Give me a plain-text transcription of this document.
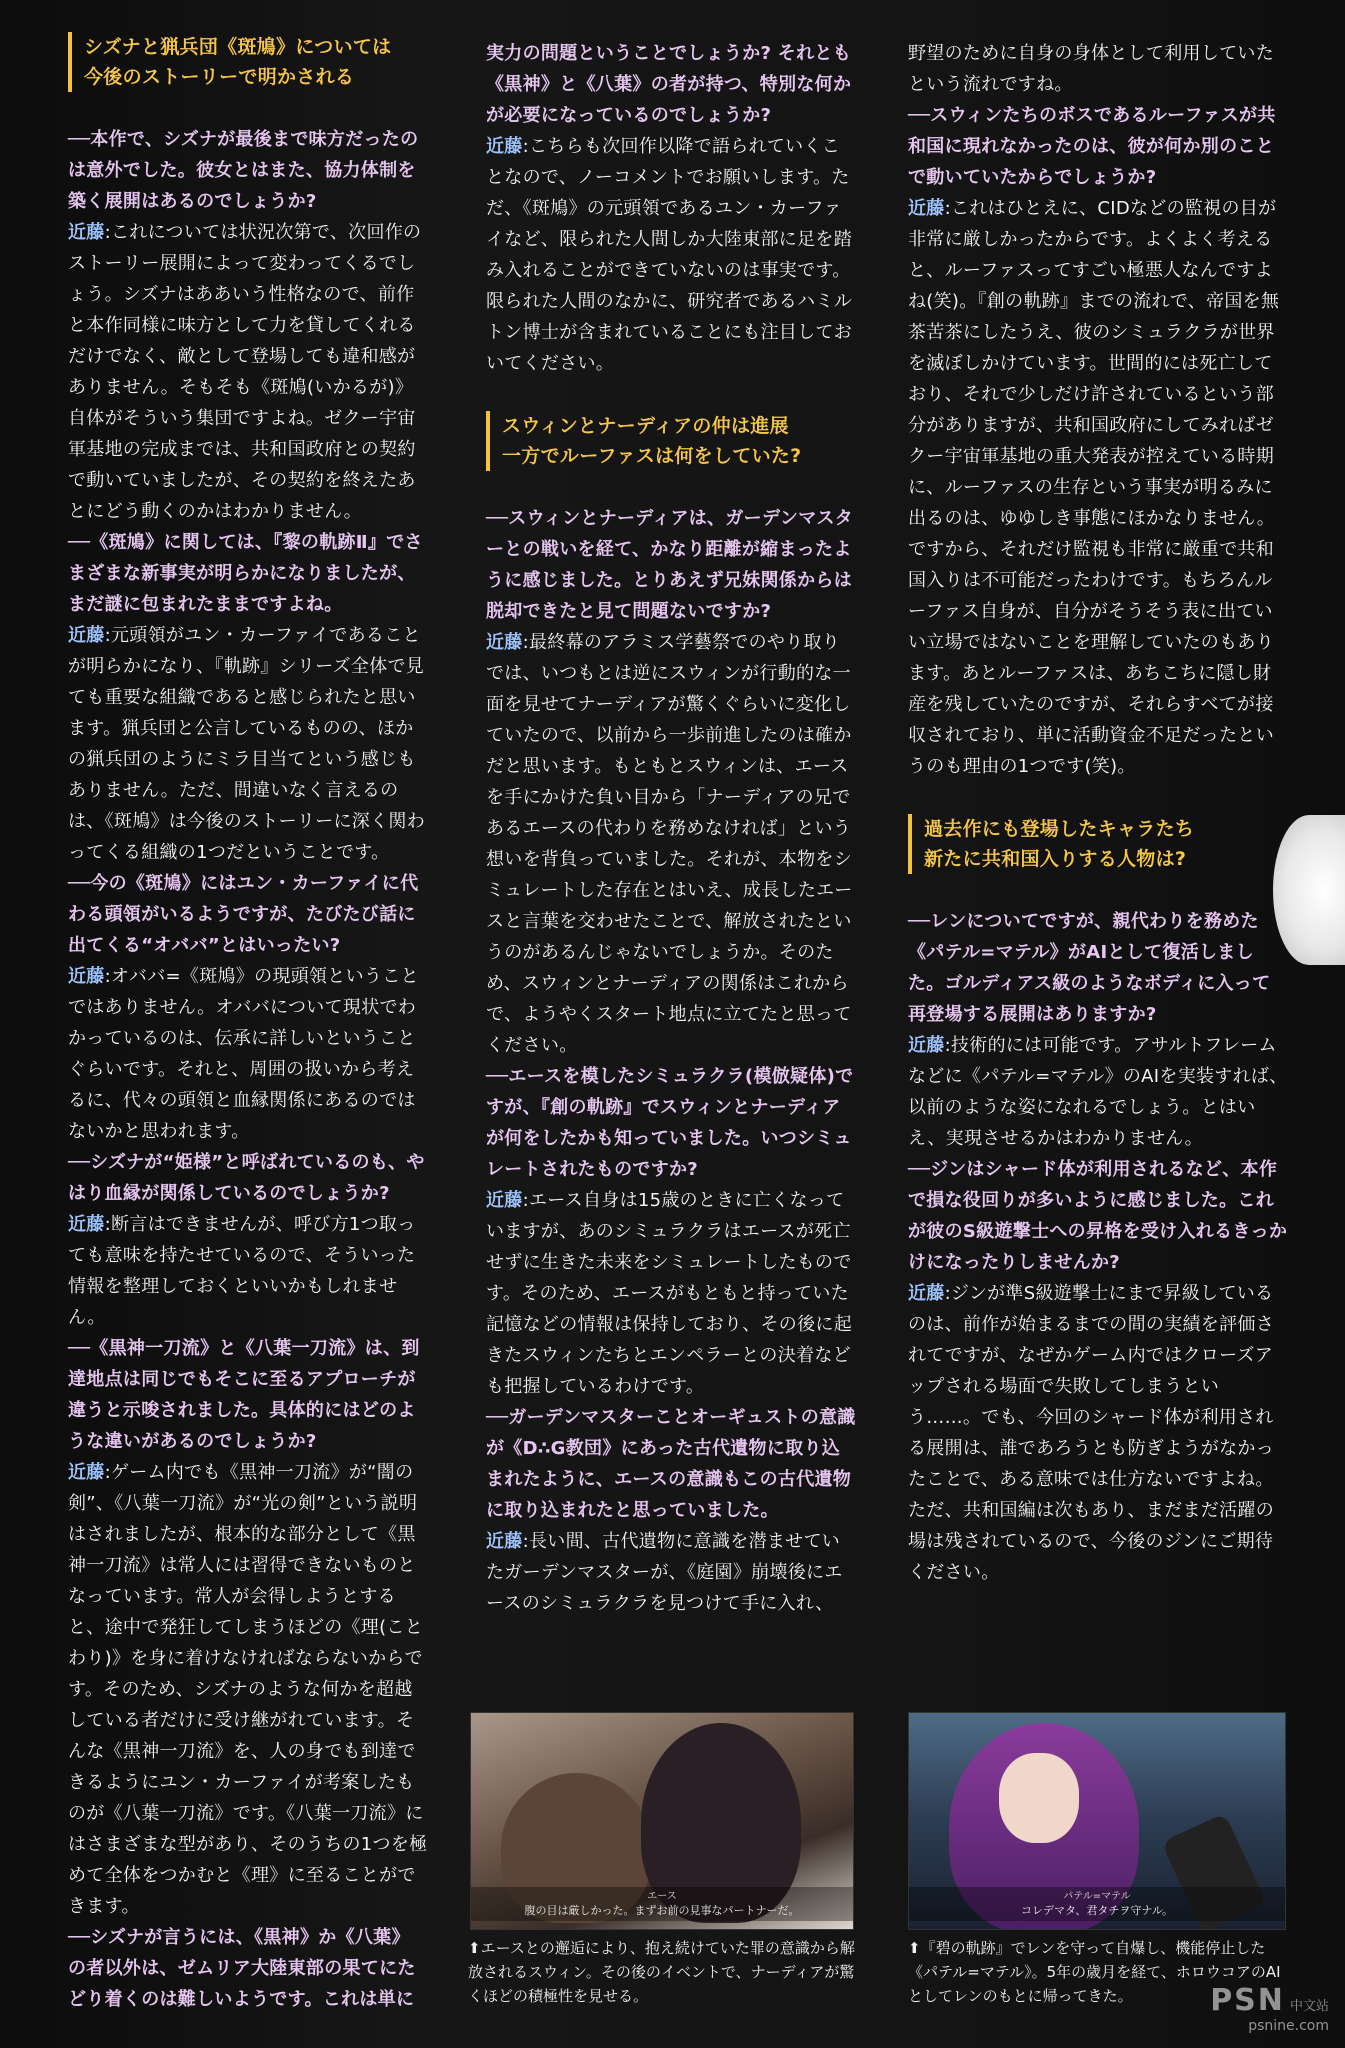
シズナと猟兵団《斑鳩》については
今後のストーリーで明かされる

──本作で、シズナが最後まで味方だったのは意外でした。彼女とはまた、協力体制を築く展開はあるのでしょうか?

近藤:これについては状況次第で、次回作のストーリー展開によって変わってくるでしょう。シズナはああいう性格なので、前作と本作同様に味方として力を貸してくれるだけでなく、敵として登場しても違和感がありません。そもそも《斑鳩(いかるが)》自体がそういう集団ですよね。ゼクー宇宙軍基地の完成までは、共和国政府との契約で動いていましたが、その契約を終えたあとにどう動くのかはわかりません。

──《斑鳩》に関しては、『黎の軌跡Ⅱ』でさまざまな新事実が明らかになりましたが、まだ謎に包まれたままですよね。

近藤:元頭領がユン・カーファイであることが明らかになり、『軌跡』シリーズ全体で見ても重要な組織であると感じられたと思います。猟兵団と公言しているものの、ほかの猟兵団のようにミラ目当てという感じもありません。ただ、間違いなく言えるのは、《斑鳩》は今後のストーリーに深く関わってくる組織の1つだということです。

──今の《斑鳩》にはユン・カーファイに代わる頭領がいるようですが、たびたび話に出てくる“オババ”とはいったい?

近藤:オババ=《斑鳩》の現頭領ということではありません。オババについて現状でわかっているのは、伝承に詳しいということぐらいです。それと、周囲の扱いから考えるに、代々の頭領と血縁関係にあるのではないかと思われます。

──シズナが“姫様”と呼ばれているのも、やはり血縁が関係しているのでしょうか?

近藤:断言はできませんが、呼び方1つ取っても意味を持たせているので、そういった情報を整理しておくといいかもしれません。

──《黒神一刀流》と《八葉一刀流》は、到達地点は同じでもそこに至るアプローチが違うと示唆されました。具体的にはどのような違いがあるのでしょうか?

近藤:ゲーム内でも《黒神一刀流》が“闇の剣”、《八葉一刀流》が“光の剣”という説明はされましたが、根本的な部分として《黒神一刀流》は常人には習得できないものとなっています。常人が会得しようとすると、途中で発狂してしまうほどの《理(ことわり)》を身に着けなければならないからです。そのため、シズナのような何かを超越している者だけに受け継がれています。そんな《黒神一刀流》を、人の身でも到達できるようにユン・カーファイが考案したものが《八葉一刀流》です。《八葉一刀流》にはさまざまな型があり、そのうちの1つを極めて全体をつかむと《理》に至ることができます。

──シズナが言うには、《黒神》か《八葉》の者以外は、ゼムリア大陸東部の果てにたどり着くのは難しいようです。これは単に

実力の問題ということでしょうか? それとも《黒神》と《八葉》の者が持つ、特別な何かが必要になっているのでしょうか?

近藤:こちらも次回作以降で語られていくことなので、ノーコメントでお願いします。ただ、《斑鳩》の元頭領であるユン・カーファイなど、限られた人間しか大陸東部に足を踏み入れることができていないのは事実です。限られた人間のなかに、研究者であるハミルトン博士が含まれていることにも注目しておいてください。

スウィンとナーディアの仲は進展
一方でルーファスは何をしていた?

──スウィンとナーディアは、ガーデンマスターとの戦いを経て、かなり距離が縮まったように感じました。とりあえず兄妹関係からは脱却できたと見て問題ないですか?

近藤:最終幕のアラミス学藝祭でのやり取りでは、いつもとは逆にスウィンが行動的な一面を見せてナーディアが驚くぐらいに変化していたので、以前から一歩前進したのは確かだと思います。もともとスウィンは、エースを手にかけた負い目から「ナーディアの兄であるエースの代わりを務めなければ」という想いを背負っていました。それが、本物をシミュレートした存在とはいえ、成長したエースと言葉を交わせたことで、解放されたというのがあるんじゃないでしょうか。そのため、スウィンとナーディアの関係はこれからで、ようやくスタート地点に立てたと思ってください。

──エースを模したシミュラクラ(模倣疑体)ですが、『創の軌跡』でスウィンとナーディアが何をしたかも知っていました。いつシミュレートされたものですか?

近藤:エース自身は15歳のときに亡くなっていますが、あのシミュラクラはエースが死亡せずに生きた未来をシミュレートしたものです。そのため、エースがもともと持っていた記憶などの情報は保持しており、その後に起きたスウィンたちとエンペラーとの決着なども把握しているわけです。

──ガーデンマスターことオーギュストの意識が《D∴G教団》にあった古代遺物に取り込まれたように、エースの意識もこの古代遺物に取り込まれたと思っていました。

近藤:長い間、古代遺物に意識を潜ませていたガーデンマスターが、《庭園》崩壊後にエースのシミュラクラを見つけて手に入れ、

野望のために自身の身体として利用していたという流れですね。

──スウィンたちのボスであるルーファスが共和国に現れなかったのは、彼が何か別のことで動いていたからでしょうか?

近藤:これはひとえに、CIDなどの監視の目が非常に厳しかったからです。よくよく考えると、ルーファスってすごい極悪人なんですよね(笑)。『創の軌跡』までの流れで、帝国を無茶苦茶にしたうえ、彼のシミュラクラが世界を滅ぼしかけています。世間的には死亡しており、それで少しだけ許されているという部分がありますが、共和国政府にしてみればゼクー宇宙軍基地の重大発表が控えている時期に、ルーファスの生存という事実が明るみに出るのは、ゆゆしき事態にほかなりません。ですから、それだけ監視も非常に厳重で共和国入りは不可能だったわけです。もちろんルーファス自身が、自分がそうそう表に出ていい立場ではないことを理解していたのもあります。あとルーファスは、あちこちに隠し財産を残していたのですが、それらすべてが接収されており、単に活動資金不足だったというのも理由の1つです(笑)。

過去作にも登場したキャラたち
新たに共和国入りする人物は?

──レンについてですが、親代わりを務めた《パテル=マテル》がAIとして復活しました。ゴルディアス級のようなボディに入って再登場する展開はありますか?

近藤:技術的には可能です。アサルトフレームなどに《パテル=マテル》のAIを実装すれば、以前のような姿になれるでしょう。とはいえ、実現させるかはわかりません。

──ジンはシャード体が利用されるなど、本作で損な役回りが多いように感じました。これが彼のS級遊撃士への昇格を受け入れるきっかけになったりしませんか?

近藤:ジンが準S級遊撃士にまで昇級しているのは、前作が始まるまでの間の実績を評価されてですが、なぜかゲーム内ではクローズアップされる場面で失敗してしまうという……。でも、今回のシャード体が利用される展開は、誰であろうとも防ぎようがなかったことで、ある意味では仕方ないですよね。ただ、共和国編は次もあり、まだまだ活躍の場は残されているので、今後のジンにご期待ください。

エース
腹の目は厳しかった。まずお前の見事なパートナーだ。
パテル=マテル
コレデマタ、君タチヲ守ナル。
⬆エースとの邂逅により、抱え続けていた罪の意識から解放されるスウィン。その後のイベントで、ナーディアが驚くほどの積極性を見せる。
⬆『碧の軌跡』でレンを守って自爆し、機能停止した《パテル=マテル》。5年の歳月を経て、ホロウコアのAIとしてレンのもとに帰ってきた。	PSN 中文站
psnine.com
